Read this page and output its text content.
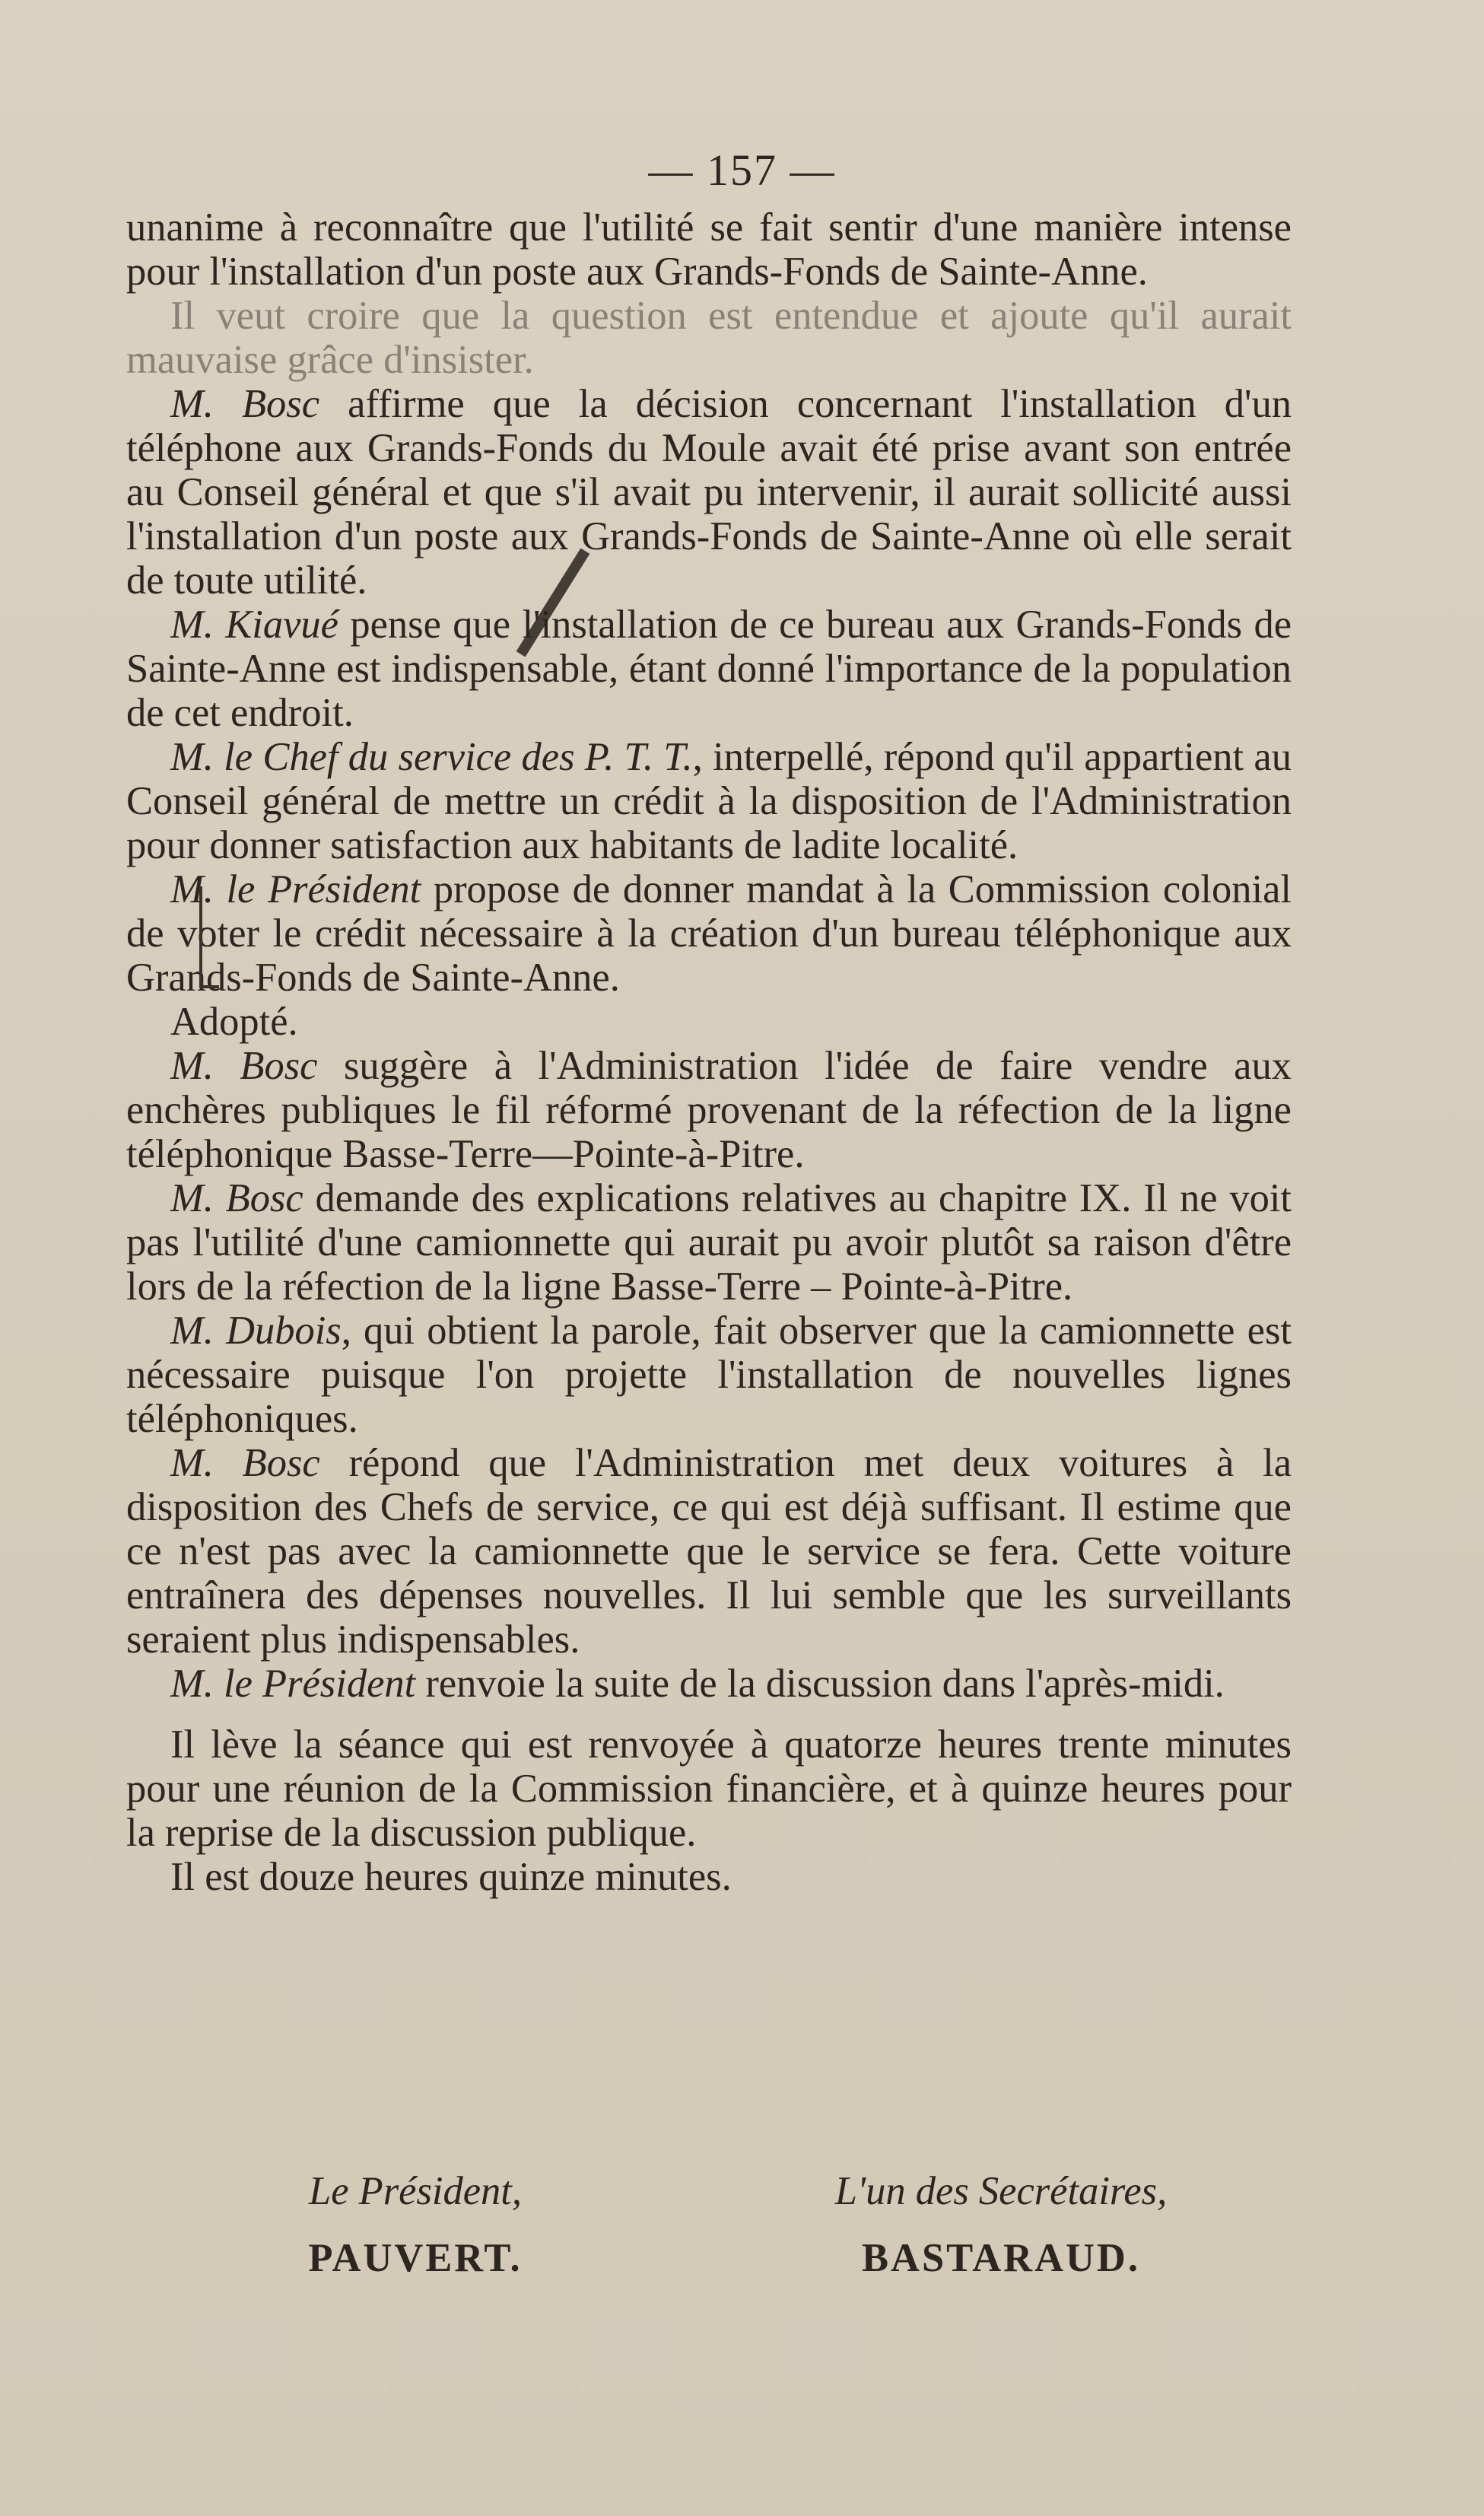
— 157 —

unanime à reconnaître que l'utilité se fait sentir d'une manière intense pour l'installation d'un poste aux Grands-Fonds de Sainte-Anne.

Il veut croire que la question est entendue et ajoute qu'il aurait mauvaise grâce d'insister.

M. Bosc affirme que la décision concernant l'installation d'un téléphone aux Grands-Fonds du Moule avait été prise avant son entrée au Conseil général et que s'il avait pu intervenir, il aurait sollicité aussi l'installation d'un poste aux Grands-Fonds de Sainte-Anne où elle serait de toute utilité.

M. Kiavué pense que l'installation de ce bureau aux Grands-Fonds de Sainte-Anne est indispensable, étant donné l'importance de la population de cet endroit.

M. le Chef du service des P. T. T., interpellé, répond qu'il appartient au Conseil général de mettre un crédit à la disposition de l'Administration pour donner satisfaction aux habitants de ladite localité.

M. le Président propose de donner mandat à la Commission colonial de voter le crédit nécessaire à la création d'un bureau téléphonique aux Grands-Fonds de Sainte-Anne.

Adopté.

M. Bosc suggère à l'Administration l'idée de faire vendre aux enchères publiques le fil réformé provenant de la réfection de la ligne téléphonique Basse-Terre—Pointe-à-Pitre.

M. Bosc demande des explications relatives au chapitre IX. Il ne voit pas l'utilité d'une camionnette qui aurait pu avoir plutôt sa raison d'être lors de la réfection de la ligne Basse-Terre – Pointe-à-Pitre.

M. Dubois, qui obtient la parole, fait observer que la camionnette est nécessaire puisque l'on projette l'installation de nouvelles lignes téléphoniques.

M. Bosc répond que l'Administration met deux voitures à la disposition des Chefs de service, ce qui est déjà suffisant. Il estime que ce n'est pas avec la camionnette que le service se fera. Cette voiture entraînera des dépenses nouvelles. Il lui semble que les surveillants seraient plus indispensables.

M. le Président renvoie la suite de la discussion dans l'après-midi.

Il lève la séance qui est renvoyée à quatorze heures trente minutes pour une réunion de la Commission financière, et à quinze heures pour la reprise de la discussion publique.

Il est douze heures quinze minutes.

Le Président,
PAUVERT.
L'un des Secrétaires,
BASTARAUD.
